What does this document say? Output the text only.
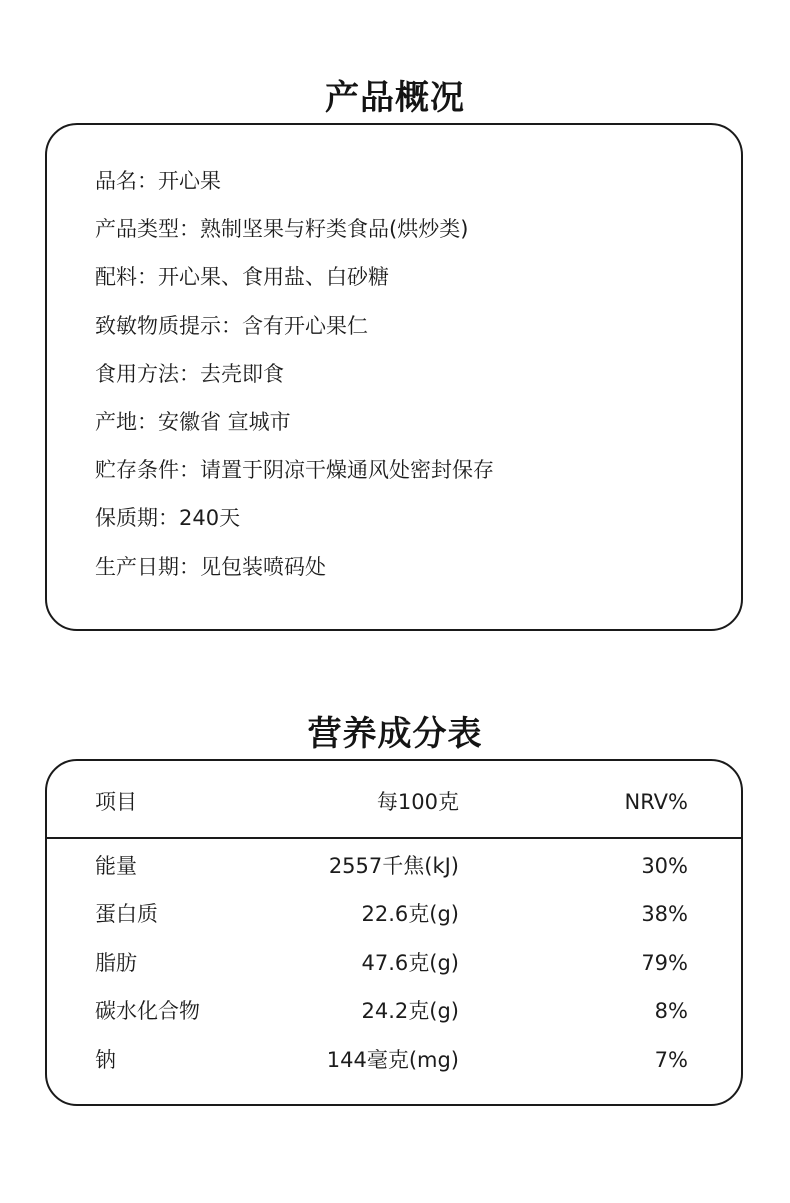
产品概况
品名：开心果
产品类型：熟制坚果与籽类食品(烘炒类)
配料：开心果、食用盐、白砂糖
致敏物质提示：含有开心果仁
食用方法：去壳即食
产地：安徽省 宣城市
贮存条件：请置于阴凉干燥通风处密封保存
保质期：240天
生产日期：见包装喷码处
营养成分表
项目	每100克	NRV%
能量	2557千焦(kJ)	30%
蛋白质	22.6克(g)	38%
脂肪	47.6克(g)	79%
碳水化合物	24.2克(g)	8%
钠	144毫克(mg)	7%
